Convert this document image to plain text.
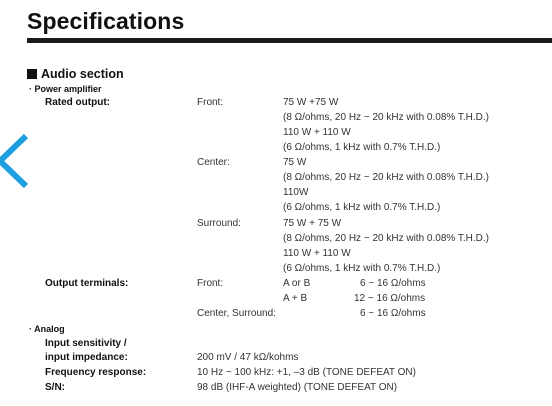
Specifications
Audio section
· Power amplifier
Rated output:	Front:	75 W +75 W
(8 Ω/ohms, 20 Hz ~ 20 kHz with 0.08% T.H.D.)
110 W + 110 W
(6 Ω/ohms, 1 kHz with 0.7% T.H.D.)
Center:	75 W
(8 Ω/ohms, 20 Hz ~ 20 kHz with 0.08% T.H.D.)
110W
(6 Ω/ohms, 1 kHz with 0.7% T.H.D.)
Surround:	75 W + 75 W
(8 Ω/ohms, 20 Hz ~ 20 kHz with 0.08% T.H.D.)
110 W + 110 W
(6 Ω/ohms, 1 kHz with 0.7% T.H.D.)
Output terminals:	Front:	A or B	6 ~ 16 Ω/ohms
A + B	12 ~ 16 Ω/ohms
Center, Surround:	6 ~ 16 Ω/ohms
· Analog
Input sensitivity /
input impedance:	200 mV / 47 kΩ/kohms
Frequency response:	10 Hz ~ 100 kHz: +1, –3 dB (TONE DEFEAT ON)
S/N:	98 dB (IHF-A weighted) (TONE DEFEAT ON)
